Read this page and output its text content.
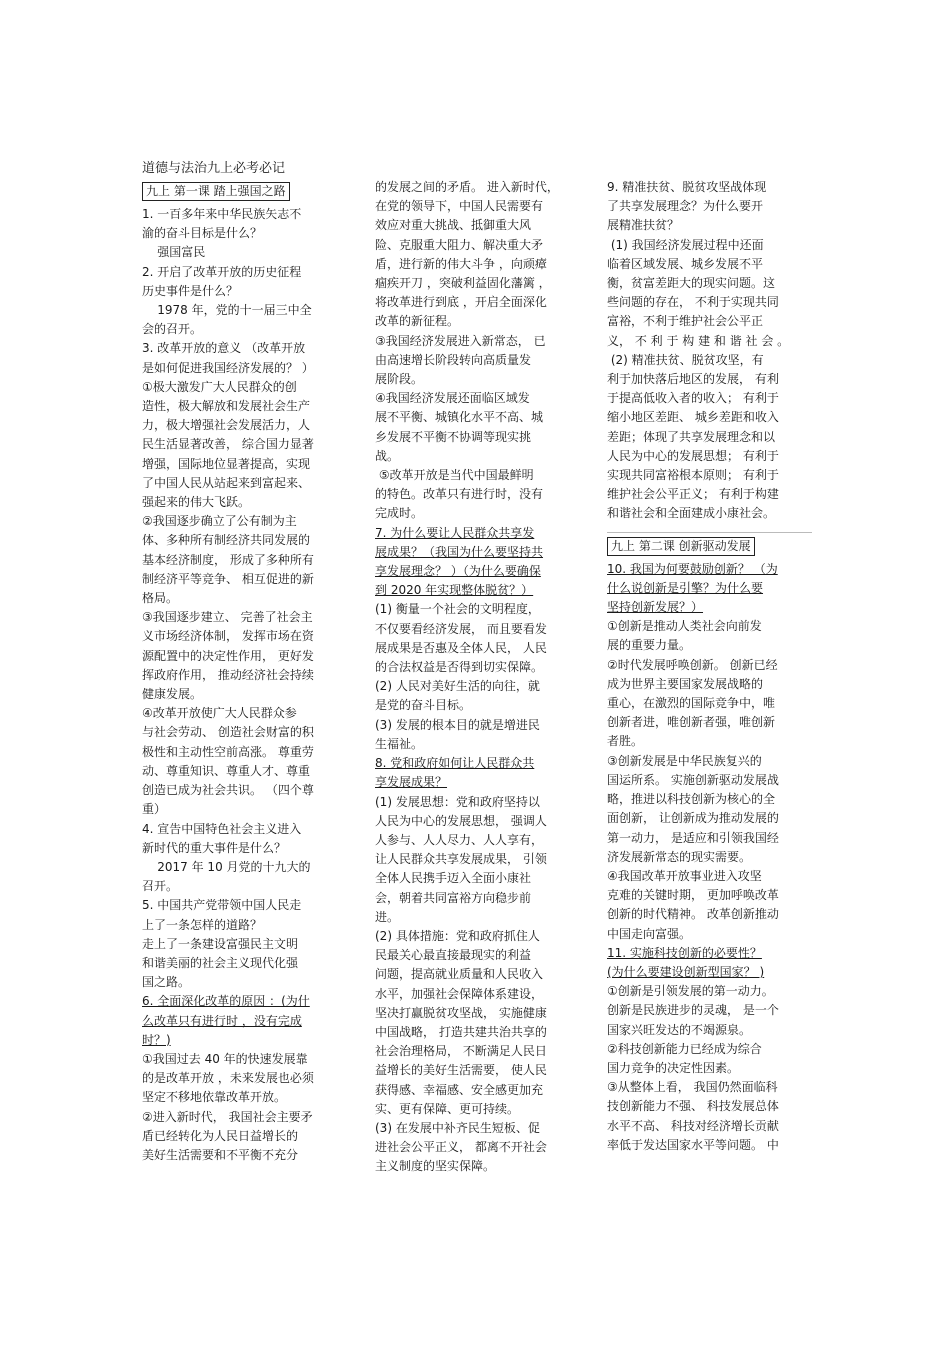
道德与法治九上必考必记
九上 第一课 踏上强国之路
1. 一百多年来中华民族矢志不
渝的奋斗目标是什么？
强国富民
2. 开启了改革开放的历史征程
历史事件是什么？
1978 年，党的十一届三中全
会的召开。
3. 改革开放的意义 （改革开放
是如何促进我国经济发展的？ ）
①极大激发广大人民群众的创
造性，极大解放和发展社会生产
力，极大增强社会发展活力，人
民生活显著改善， 综合国力显著
增强，国际地位显著提高，实现
了中国人民从站起来到富起来、
强起来的伟大飞跃。
②我国逐步确立了公有制为主
体、多种所有制经济共同发展的
基本经济制度， 形成了多种所有
制经济平等竞争、 相互促进的新
格局。
③我国逐步建立、 完善了社会主
义市场经济体制， 发挥市场在资
源配置中的决定性作用， 更好发
挥政府作用， 推动经济社会持续
健康发展。
④改革开放使广大人民群众参
与社会劳动、 创造社会财富的积
极性和主动性空前高涨。 尊重劳
动、尊重知识、尊重人才、尊重
创造已成为社会共识。 （四个尊
重）
4. 宣告中国特色社会主义进入
新时代的重大事件是什么？
2017 年 10 月党的十九大的
召开。
5. 中国共产党带领中国人民走
上了一条怎样的道路？
走上了一条建设富强民主文明
和谐美丽的社会主义现代化强
国之路。
6. 全面深化改革的原因 ：(为什
么改革只有进行时 ，没有完成
时？)
①我国过去 40 年的快速发展靠
的是改革开放 ，未来发展也必须
坚定不移地依靠改革开放。
②进入新时代， 我国社会主要矛
盾已经转化为人民日益增长的
美好生活需要和不平衡不充分
的发展之间的矛盾。 进入新时代，
在党的领导下，中国人民需要有
效应对重大挑战、抵御重大风
险、克服重大阻力、解决重大矛
盾，进行新的伟大斗争 ，向顽瘴
痼疾开刀 ，突破利益固化藩篱 ，
将改革进行到底 ，开启全面深化
改革的新征程。
③我国经济发展进入新常态， 已
由高速增长阶段转向高质量发
展阶段。
④我国经济发展还面临区域发
展不平衡、城镇化水平不高、城
乡发展不平衡不协调等现实挑
战。
⑤改革开放是当代中国最鲜明
的特色。改革只有进行时，没有
完成时。
7. 为什么要让人民群众共享发
展成果？（我国为什么要坚持共
享发展理念？ ）（为什么要确保
到 2020 年实现整体脱贫？）
(1) 衡量一个社会的文明程度，
不仅要看经济发展， 而且要看发
展成果是否惠及全体人民， 人民
的合法权益是否得到切实保障。
(2) 人民对美好生活的向往，就
是党的奋斗目标。
(3) 发展的根本目的就是增进民
生福祉。
8. 党和政府如何让人民群众共
享发展成果？
(1) 发展思想：党和政府坚持以
人民为中心的发展思想， 强调人
人参与、人人尽力、人人享有，
让人民群众共享发展成果， 引领
全体人民携手迈入全面小康社
会，朝着共同富裕方向稳步前
进。
(2) 具体措施：党和政府抓住人
民最关心最直接最现实的利益
问题，提高就业质量和人民收入
水平，加强社会保障体系建设，
坚决打赢脱贫攻坚战， 实施健康
中国战略， 打造共建共治共享的
社会治理格局， 不断满足人民日
益增长的美好生活需要， 使人民
获得感、幸福感、安全感更加充
实、更有保障、更可持续。
(3) 在发展中补齐民生短板、促
进社会公平正义， 都离不开社会
主义制度的坚实保障。
9. 精准扶贫、脱贫攻坚战体现
了共享发展理念？为什么要开
展精准扶贫？
(1) 我国经济发展过程中还面
临着区域发展、城乡发展不平
衡，贫富差距大的现实问题。这
些问题的存在， 不利于实现共同
富裕，不利于维护社会公平正
义， 不 利 于 构 建 和 谐 社 会 。
(2) 精准扶贫、脱贫攻坚，有
利于加快落后地区的发展， 有利
于提高低收入者的收入； 有利于
缩小地区差距、 城乡差距和收入
差距；体现了共享发展理念和以
人民为中心的发展思想； 有利于
实现共同富裕根本原则； 有利于
维护社会公平正义； 有利于构建
和谐社会和全面建成小康社会。
九上 第二课 创新驱动发展
10. 我国为何要鼓励创新？ （为
什么说创新是引擎？为什么要
坚持创新发展？）
①创新是推动人类社会向前发
展的重要力量。
②时代发展呼唤创新。 创新已经
成为世界主要国家发展战略的
重心，在激烈的国际竞争中，唯
创新者进，唯创新者强，唯创新
者胜。
③创新发展是中华民族复兴的
国运所系。 实施创新驱动发展战
略，推进以科技创新为核心的全
面创新， 让创新成为推动发展的
第一动力， 是适应和引领我国经
济发展新常态的现实需要。
④我国改革开放事业进入攻坚
克难的关键时期， 更加呼唤改革
创新的时代精神。 改革创新推动
中国走向富强。
11. 实施科技创新的必要性？
(为什么要建设创新型国家？ )
①创新是引领发展的第一动力。
创新是民族进步的灵魂， 是一个
国家兴旺发达的不竭源泉。
②科技创新能力已经成为综合
国力竞争的决定性因素。
③从整体上看， 我国仍然面临科
技创新能力不强、 科技发展总体
水平不高、 科技对经济增长贡献
率低于发达国家水平等问题。 中
